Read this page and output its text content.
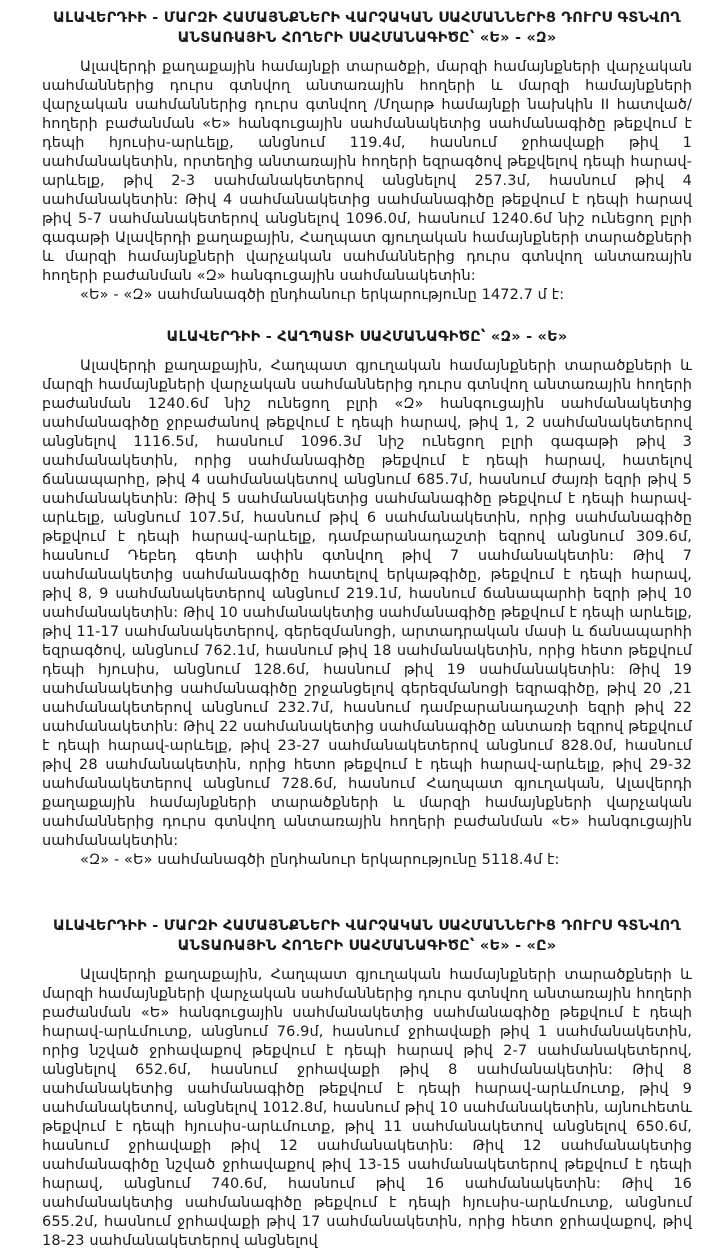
ԱԼԱՎԵՐԴԻԻ - ՄԱՐԶԻ ՀԱՄԱՅՆՔՆԵՐԻ ՎԱՐՉԱԿԱՆ ՍԱՀՄԱՆՆԵՐԻՑ ԴՈՒՐՍ ԳՏՆՎՈՂ ԱՆՏԱՌԱՅԻՆ ՀՈՂԵՐԻ ՍԱՀՄԱՆԱԳԻԾԸ՝ «Ե» - «Զ»

Ալավերդի քաղաքային համայնքի տարածքի, մարզի համայնքների վարչական սահմաններից դուրս գտնվող անտառային հողերի և մարզի համայնքների վարչական սահմաններից դուրս գտնվող /Մղարթ համայնքի նախկին II հատված/ հողերի բաժանման «Ե» հանգուցային սահմանակետից սահմանագիծը թեքվում է դեպի հյուսիս-արևելք, անցնում 119.4մ, հասնում ջրհավաքի թիվ 1 սահմանակետին, որտեղից անտառային հողերի եզրագծով թեքվելով դեպի հարավ-արևելք, թիվ 2-3 սահմանակետերով անցնելով 257.3մ, հասնում թիվ 4 սահմանակետին: Թիվ 4 սահմանակետից սահմանագիծը թեքվում է դեպի հարավ թիվ 5-7 սահմանակետերով անցնելով 1096.0մ, հասնում 1240.6մ նիշ ունեցող բլրի գագաթի Ալավերդի քաղաքային, Հաղպատ գյուղական համայնքների տարածքների և մարզի համայնքների վարչական սահմաններից դուրս գտնվող անտառային հողերի բաժանման «Զ» հանգուցային սահմանակետին:

«Ե» - «Զ» սահմանագծի ընդհանուր երկարությունը 1472.7 մ է:

ԱԼԱՎԵՐԴԻԻ - ՀԱՂՊԱՏԻ ՍԱՀՄԱՆԱԳԻԾԸ՝ «Զ» - «Ե»

Ալավերդի քաղաքային, Հաղպատ գյուղական համայնքների տարածքների և մարզի համայնքների վարչական սահմաններից դուրս գտնվող անտառային հողերի բաժանման 1240.6մ նիշ ունեցող բլրի «Զ» հանգուցային սահմանակետից սահմանագիծը ջրբաժանով թեքվում է դեպի հարավ, թիվ 1, 2 սահմանակետերով անցնելով 1116.5մ, հասնում 1096.3մ նիշ ունեցող բլրի գագաթի թիվ 3 սահմանակետին, որից սահմանագիծը թեքվում է դեպի հարավ, հատելով ճանապարհը, թիվ 4 սահմանակետով անցնում 685.7մ, հասնում ժայռի եզրի թիվ 5 սահմանակետին: Թիվ 5 սահմանակետից սահմանագիծը թեքվում է դեպի հարավ-արևելք, անցնում 107.5մ, հասնում թիվ 6 սահմանակետին, որից սահմանագիծը թեքվում է դեպի հարավ-արևելք, դամբարանադաշտի եզրով անցնում 309.6մ, հասնում Դեբեդ գետի ափին գտնվող թիվ 7 սահմանակետին: Թիվ 7 սահմանակետից սահմանագիծը հատելով երկաթգիծը, թեքվում է դեպի հարավ, թիվ 8, 9 սահմանակետերով անցնում 219.1մ, հասնում ճանապարհի եզրի թիվ 10 սահմանակետին: Թիվ 10 սահմանակետից սահմանագիծը թեքվում է դեպի արևելք, թիվ 11-17 սահմանակետերով, գերեզմանոցի, արտադրական մասի և ճանապարհի եզրագծով, անցնում 762.1մ, հասնում թիվ 18 սահմանակետին, որից հետո թեքվում դեպի հյուսիս, անցնում 128.6մ, հասնում թիվ 19 սահմանակետին: Թիվ 19 սահմանակետից սահմանագիծը շրջանցելով գերեզմանոցի եզրագիծը, թիվ 20 ,21 սահմանակետերով անցնում 232.7մ, հասնում դամբարանադաշտի եզրի թիվ 22 սահմանակետին: Թիվ 22 սահմանակետից սահմանագիծը անտառի եզրով թեքվում է դեպի հարավ-արևելք, թիվ 23-27 սահմանակետերով անցնում 828.0մ, հասնում թիվ 28 սահմանակետին, որից հետո թեքվում է դեպի հարավ-արևելք, թիվ 29-32 սահմանակետերով անցնում 728.6մ, հասնում Հաղպատ գյուղական, Ալավերդի քաղաքային համայնքների տարածքների և մարզի համայնքների վարչական սահմաններից դուրս գտնվող անտառային հողերի բաժանման «Ե» հանգուցային սահմանակետին:

«Զ» - «Ե» սահմանագծի ընդհանուր երկարությունը 5118.4մ է:

ԱԼԱՎԵՐԴԻԻ - ՄԱՐԶԻ ՀԱՄԱՅՆՔՆԵՐԻ ՎԱՐՉԱԿԱՆ ՍԱՀՄԱՆՆԵՐԻՑ ԴՈՒՐՍ ԳՏՆՎՈՂ ԱՆՏԱՌԱՅԻՆ ՀՈՂԵՐԻ ՍԱՀՄԱՆԱԳԻԾԸ՝ «Ե» - «Ը»

Ալավերդի քաղաքային, Հաղպատ գյուղական համայնքների տարածքների և մարզի համայնքների վարչական սահմաններից դուրս գտնվող անտառային հողերի բաժանման «Ե» հանգուցային սահմանակետից սահմանագիծը թեքվում է դեպի հարավ-արևմուտք, անցնում 76.9մ, հասնում ջրհավաքի թիվ 1 սահմանակետին, որից նշված ջրհավաքով թեքվում է դեպի հարավ թիվ 2-7 սահմանակետերով, անցնելով 652.6մ, հասնում ջրհավաքի թիվ 8 սահմանակետին: Թիվ 8 սահմանակետից սահմանագիծը թեքվում է դեպի հարավ-արևմուտք, թիվ 9 սահմանակետով, անցնելով 1012.8մ, հասնում թիվ 10 սահմանակետին, այնուհետև թեքվում է դեպի հյուսիս-արևմուտք, թիվ 11 սահմանակետով անցնելով 650.6մ, հասնում ջրհավաքի թիվ 12 սահմանակետին: Թիվ 12 սահմանակետից սահմանագիծը նշված ջրհավաքով թիվ 13-15 սահմանակետերով թեքվում է դեպի հարավ, անցնում 740.6մ, հասնում թիվ 16 սահմանակետին: Թիվ 16 սահմանակետից սահմանագիծը թեքվում է դեպի հյուսիս-արևմուտք, անցնում 655.2մ, հասնում ջրհավաքի թիվ 17 սահմանակետին, որից հետո ջրհավաքով, թիվ 18-23 սահմանակետերով անցնելով
